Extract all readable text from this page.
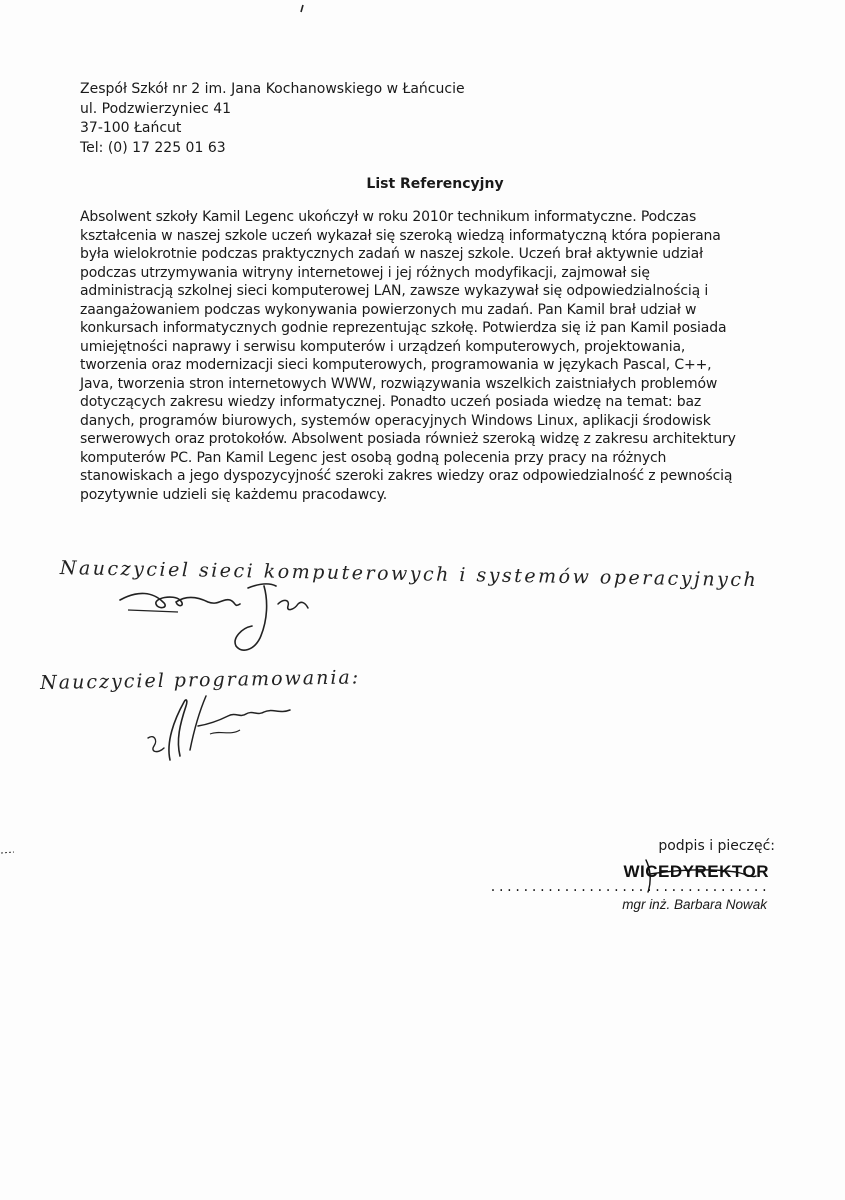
Zespół Szkół nr 2 im. Jana Kochanowskiego w Łańcucie
ul. Podzwierzyniec 41
37-100 Łańcut
Tel: (0) 17 225 01 63
List Referencyjny
Absolwent szkoły Kamil Legenc ukończył w roku 2010r technikum informatyczne. Podczas
kształcenia w naszej szkole uczeń wykazał się szeroką wiedzą informatyczną która popierana
była wielokrotnie podczas praktycznych zadań w naszej szkole. Uczeń brał aktywnie udział
podczas utrzymywania witryny internetowej i jej różnych modyfikacji, zajmował się
administracją szkolnej sieci komputerowej LAN, zawsze wykazywał się odpowiedzialnością i
zaangażowaniem podczas wykonywania powierzonych mu zadań. Pan Kamil brał udział w
konkursach informatycznych godnie reprezentując szkołę. Potwierdza się iż pan Kamil posiada
umiejętności naprawy i serwisu komputerów i urządzeń komputerowych, projektowania,
tworzenia oraz modernizacji sieci komputerowych, programowania w językach Pascal, C++,
Java, tworzenia stron internetowych WWW, rozwiązywania wszelkich zaistniałych problemów
dotyczących zakresu wiedzy informatycznej. Ponadto uczeń posiada wiedzę na temat: baz
danych, programów biurowych, systemów operacyjnych Windows Linux, aplikacji środowisk
serwerowych oraz protokołów. Absolwent posiada również szeroką widzę z zakresu architektury
komputerów PC. Pan Kamil Legenc jest osobą godną polecenia przy pracy na różnych
stanowiskach a jego dyspozycyjność szeroki zakres wiedzy oraz odpowiedzialność z pewnością
pozytywnie udzieli się każdemu pracodawcy.
Nauczyciel sieci komputerowych i systemów operacyjnych
Nauczyciel programowania:
podpis i pieczęć:
WICEDYREKTOR
..................................
mgr inż. Barbara Nowak
